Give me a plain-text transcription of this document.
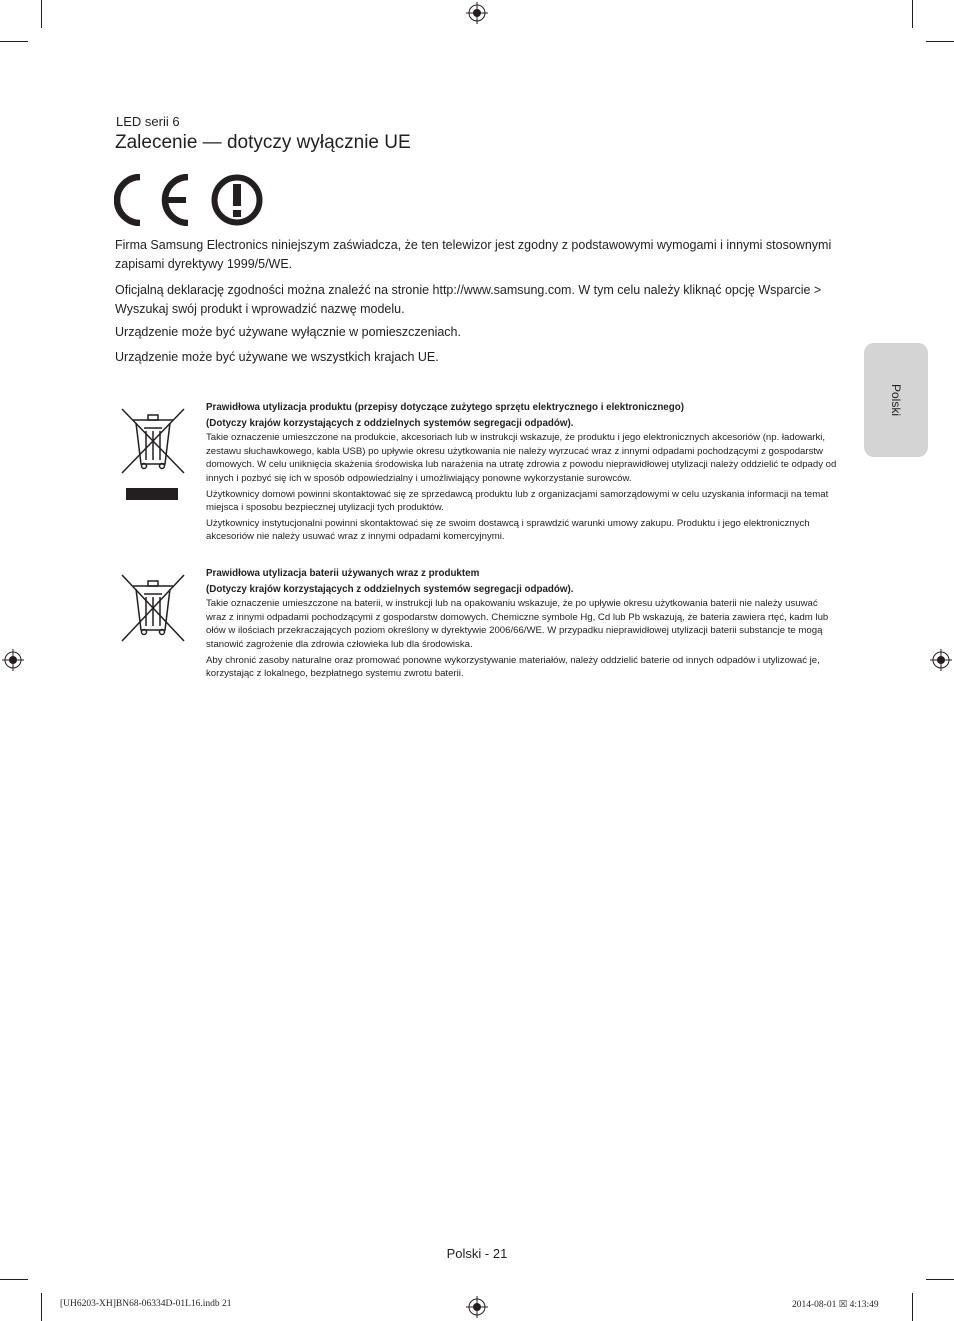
LED serii 6
Zalecenie — dotyczy wyłącznie UE

Firma Samsung Electronics niniejszym zaświadcza, że ten telewizor jest zgodny z podstawowymi wymogami i innymi stosownymi zapisami dyrektywy 1999/5/WE.

Oficjalną deklarację zgodności można znaleźć na stronie http://www.samsung.com. W tym celu należy kliknąć opcję Wsparcie > Wyszukaj swój produkt i wprowadzić nazwę modelu.

Urządzenie może być używane wyłącznie w pomieszczeniach.

Urządzenie może być używane we wszystkich krajach UE.

Prawidłowa utylizacja produktu (przepisy dotyczące zużytego sprzętu elektrycznego i elektronicznego)

(Dotyczy krajów korzystających z oddzielnych systemów segregacji odpadów).

Takie oznaczenie umieszczone na produkcie, akcesoriach lub w instrukcji wskazuje, że produktu i jego elektronicznych akcesoriów (np. ładowarki, zestawu słuchawkowego, kabla USB) po upływie okresu użytkowania nie należy wyrzucać wraz z innymi odpadami pochodzącymi z gospodarstw domowych. W celu uniknięcia skażenia środowiska lub narażenia na utratę zdrowia z powodu nieprawidłowej utylizacji należy oddzielić te odpady od innych i pozbyć się ich w sposób odpowiedzialny i umożliwiający ponowne wykorzystanie surowców.

Użytkownicy domowi powinni skontaktować się ze sprzedawcą produktu lub z organizacjami samorządowymi w celu uzyskania informacji na temat miejsca i sposobu bezpiecznej utylizacji tych produktów.

Użytkownicy instytucjonalni powinni skontaktować się ze swoim dostawcą i sprawdzić warunki umowy zakupu. Produktu i jego elektronicznych akcesoriów nie należy usuwać wraz z innymi odpadami komercyjnymi.

Prawidłowa utylizacja baterii używanych wraz z produktem

(Dotyczy krajów korzystających z oddzielnych systemów segregacji odpadów).

Takie oznaczenie umieszczone na baterii, w instrukcji lub na opakowaniu wskazuje, że po upływie okresu użytkowania baterii nie należy usuwać wraz z innymi odpadami pochodzącymi z gospodarstw domowych. Chemiczne symbole Hg, Cd lub Pb wskazują, że bateria zawiera rtęć, kadm lub ołów w ilościach przekraczających poziom określony w dyrektywie 2006/66/WE. W przypadku nieprawidłowej utylizacji baterii substancje te mogą stanowić zagrożenie dla zdrowia człowieka lub dla środowiska.

Aby chronić zasoby naturalne oraz promować ponowne wykorzystywanie materiałów, należy oddzielić baterie od innych odpadów i utylizować je, korzystając z lokalnego, bezpłatnego systemu zwrotu baterii.

Polski
Polski - 21
[UH6203-XH]BN68-06334D-01L16.indb 21	2014-08-01 ☒ 4:13:49
